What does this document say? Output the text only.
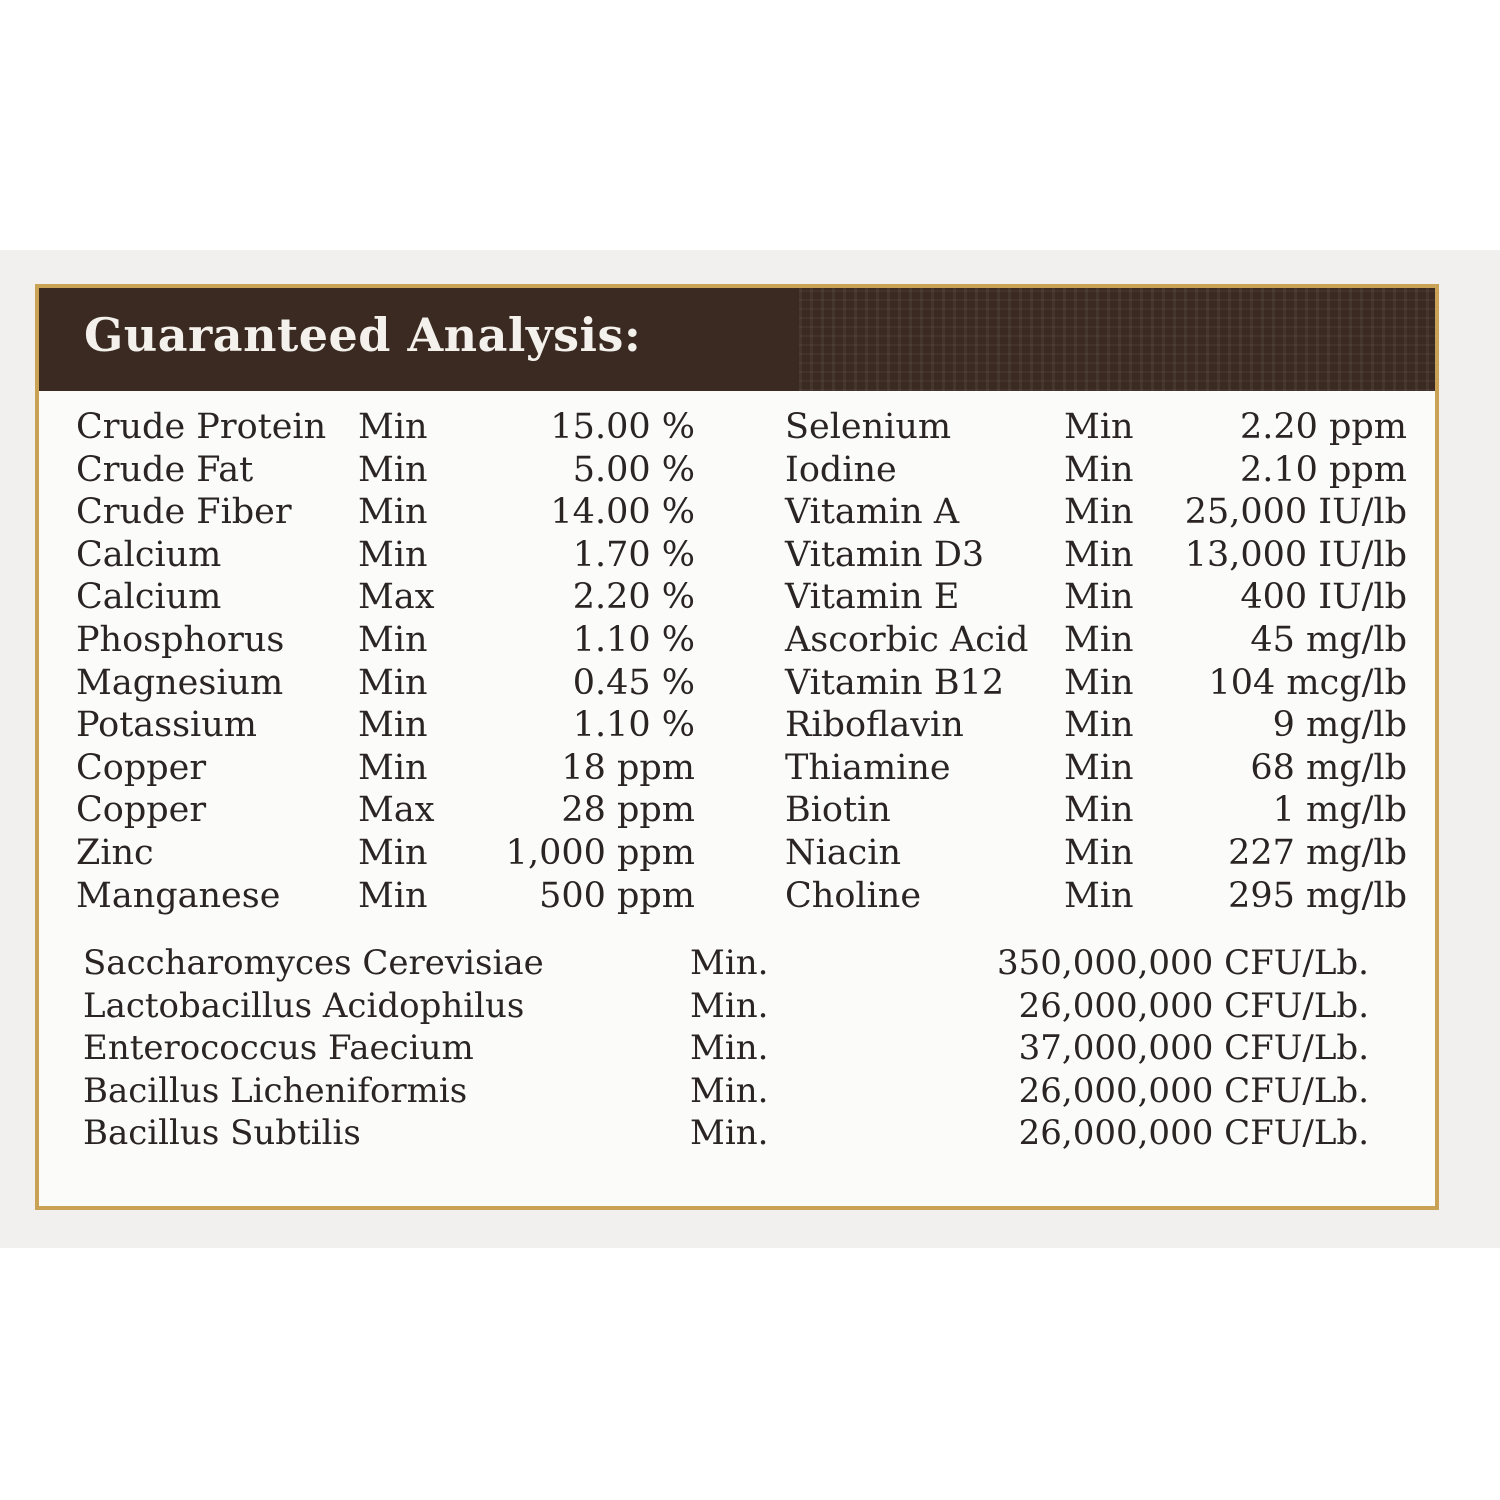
Guaranteed Analysis:
Crude Protein Min	15.00 %
Crude Fat	Min	5.00 %
Crude Fiber Min	14.00 %
Calcium	Min	1.70 %
Calcium	Max	2.20 %
Phosphorus Min	1.10 %
Magnesium Min	0.45 %
Potassium	Min	1.10 %
Copper	Min	18 ppm
Copper	Max	28 ppm
Zinc	Min	1,000 ppm
Manganese Min	500 ppm
Selenium	Min	2.20 ppm
Iodine	Min	2.10 ppm
Vitamin A	Min	25,000 IU/lb
Vitamin D3 Min	13,000 IU/lb
Vitamin E	Min	400 IU/lb
Ascorbic Acid Min	45 mg/lb
Vitamin B12 Min	104 mcg/lb
Riboflavin	Min	9 mg/lb
Thiamine	Min	68 mg/lb
Biotin	Min	1 mg/lb
Niacin	Min	227 mg/lb
Choline	Min	295 mg/lb
Saccharomyces Cerevisiae	Min.	350,000,000 CFU/Lb.
Lactobacillus Acidophilus	Min.	26,000,000 CFU/Lb.
Enterococcus Faecium	Min.	37,000,000 CFU/Lb.
Bacillus Licheniformis	Min.	26,000,000 CFU/Lb.
Bacillus Subtilis	Min.	26,000,000 CFU/Lb.
